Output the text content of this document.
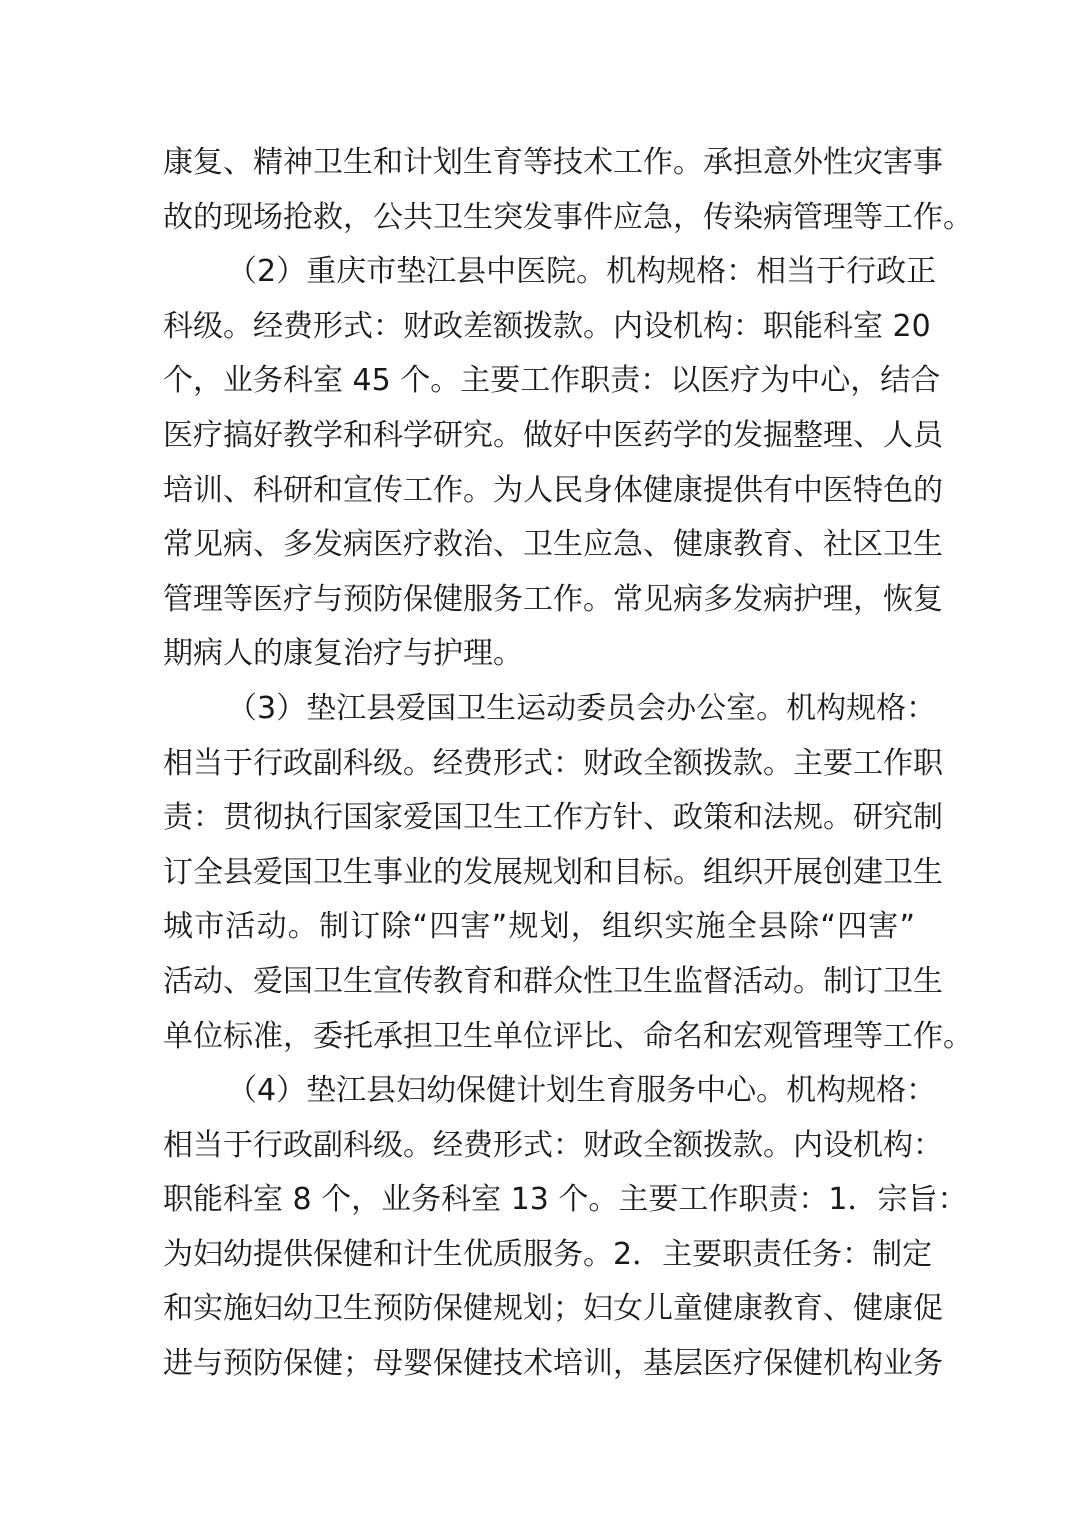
康复、精神卫生和计划生育等技术工作。承担意外性灾害事
故的现场抢救，公共卫生突发事件应急，传染病管理等工作。
（2）重庆市垫江县中医院。机构规格：相当于行政正
科级。经费形式：财政差额拨款。内设机构：职能科室 20
个，业务科室 45 个。主要工作职责：以医疗为中心，结合
医疗搞好教学和科学研究。做好中医药学的发掘整理、人员
培训、科研和宣传工作。为人民身体健康提供有中医特色的
常见病、多发病医疗救治、卫生应急、健康教育、社区卫生
管理等医疗与预防保健服务工作。常见病多发病护理，恢复
期病人的康复治疗与护理。
（3）垫江县爱国卫生运动委员会办公室。机构规格：
相当于行政副科级。经费形式：财政全额拨款。主要工作职
责：贯彻执行国家爱国卫生工作方针、政策和法规。研究制
订全县爱国卫生事业的发展规划和目标。组织开展创建卫生
城市活动。制订除“四害”规划，组织实施全县除“四害”
活动、爱国卫生宣传教育和群众性卫生监督活动。制订卫生
单位标准，委托承担卫生单位评比、命名和宏观管理等工作。
（4）垫江县妇幼保健计划生育服务中心。机构规格：
相当于行政副科级。经费形式：财政全额拨款。内设机构：
职能科室 8 个，业务科室 13 个。主要工作职责：1．宗旨：
为妇幼提供保健和计生优质服务。2．主要职责任务：制定
和实施妇幼卫生预防保健规划；妇女儿童健康教育、健康促
进与预防保健；母婴保健技术培训，基层医疗保健机构业务
